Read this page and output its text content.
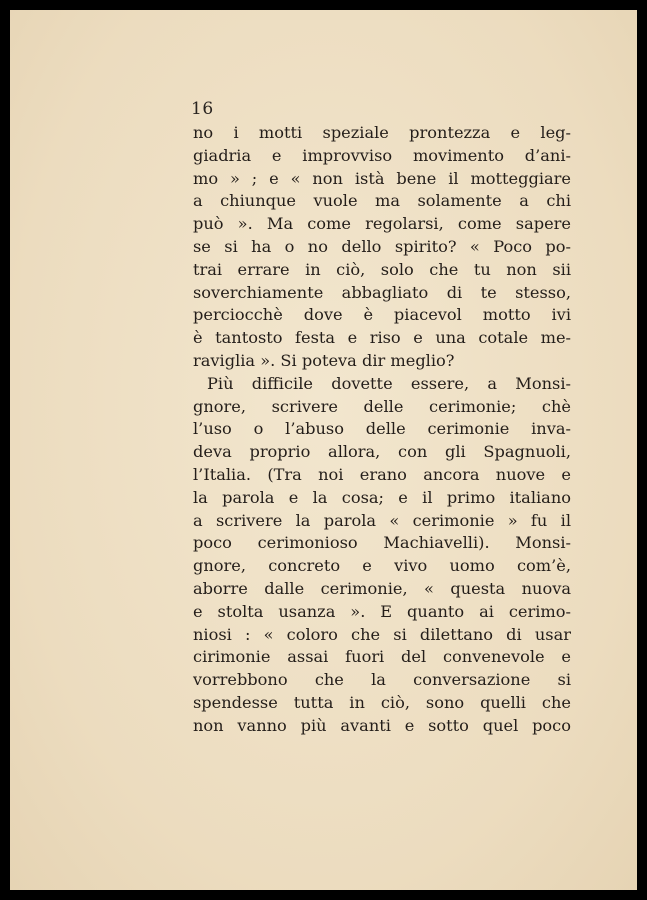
16
no i motti speziale prontezza e leg-
giadria e improvviso movimento d’ani-
mo » ; e « non istà bene il motteggiare
a chiunque vuole ma solamente a chi
può ». Ma come regolarsi, come sapere
se si ha o no dello spirito? « Poco po-
trai errare in ciò, solo che tu non sii
soverchiamente abbagliato di te stesso,
perciocchè dove è piacevol motto ivi
è tantosto festa e riso e una cotale me-
raviglia ». Si poteva dir meglio?
Più difficile dovette essere, a Monsi-
gnore, scrivere delle cerimonie; chè
l’uso o l’abuso delle cerimonie inva-
deva proprio allora, con gli Spagnuoli,
l’Italia. (Tra noi erano ancora nuove e
la parola e la cosa; e il primo italiano
a scrivere la parola « cerimonie » fu il
poco cerimonioso Machiavelli). Monsi-
gnore, concreto e vivo uomo com’è,
aborre dalle cerimonie, « questa nuova
e stolta usanza ». E quanto ai cerimo-
niosi : « coloro che si dilettano di usar
cirimonie assai fuori del convenevole e
vorrebbono che la conversazione si
spendesse tutta in ciò, sono quelli che
non vanno più avanti e sotto quel poco
